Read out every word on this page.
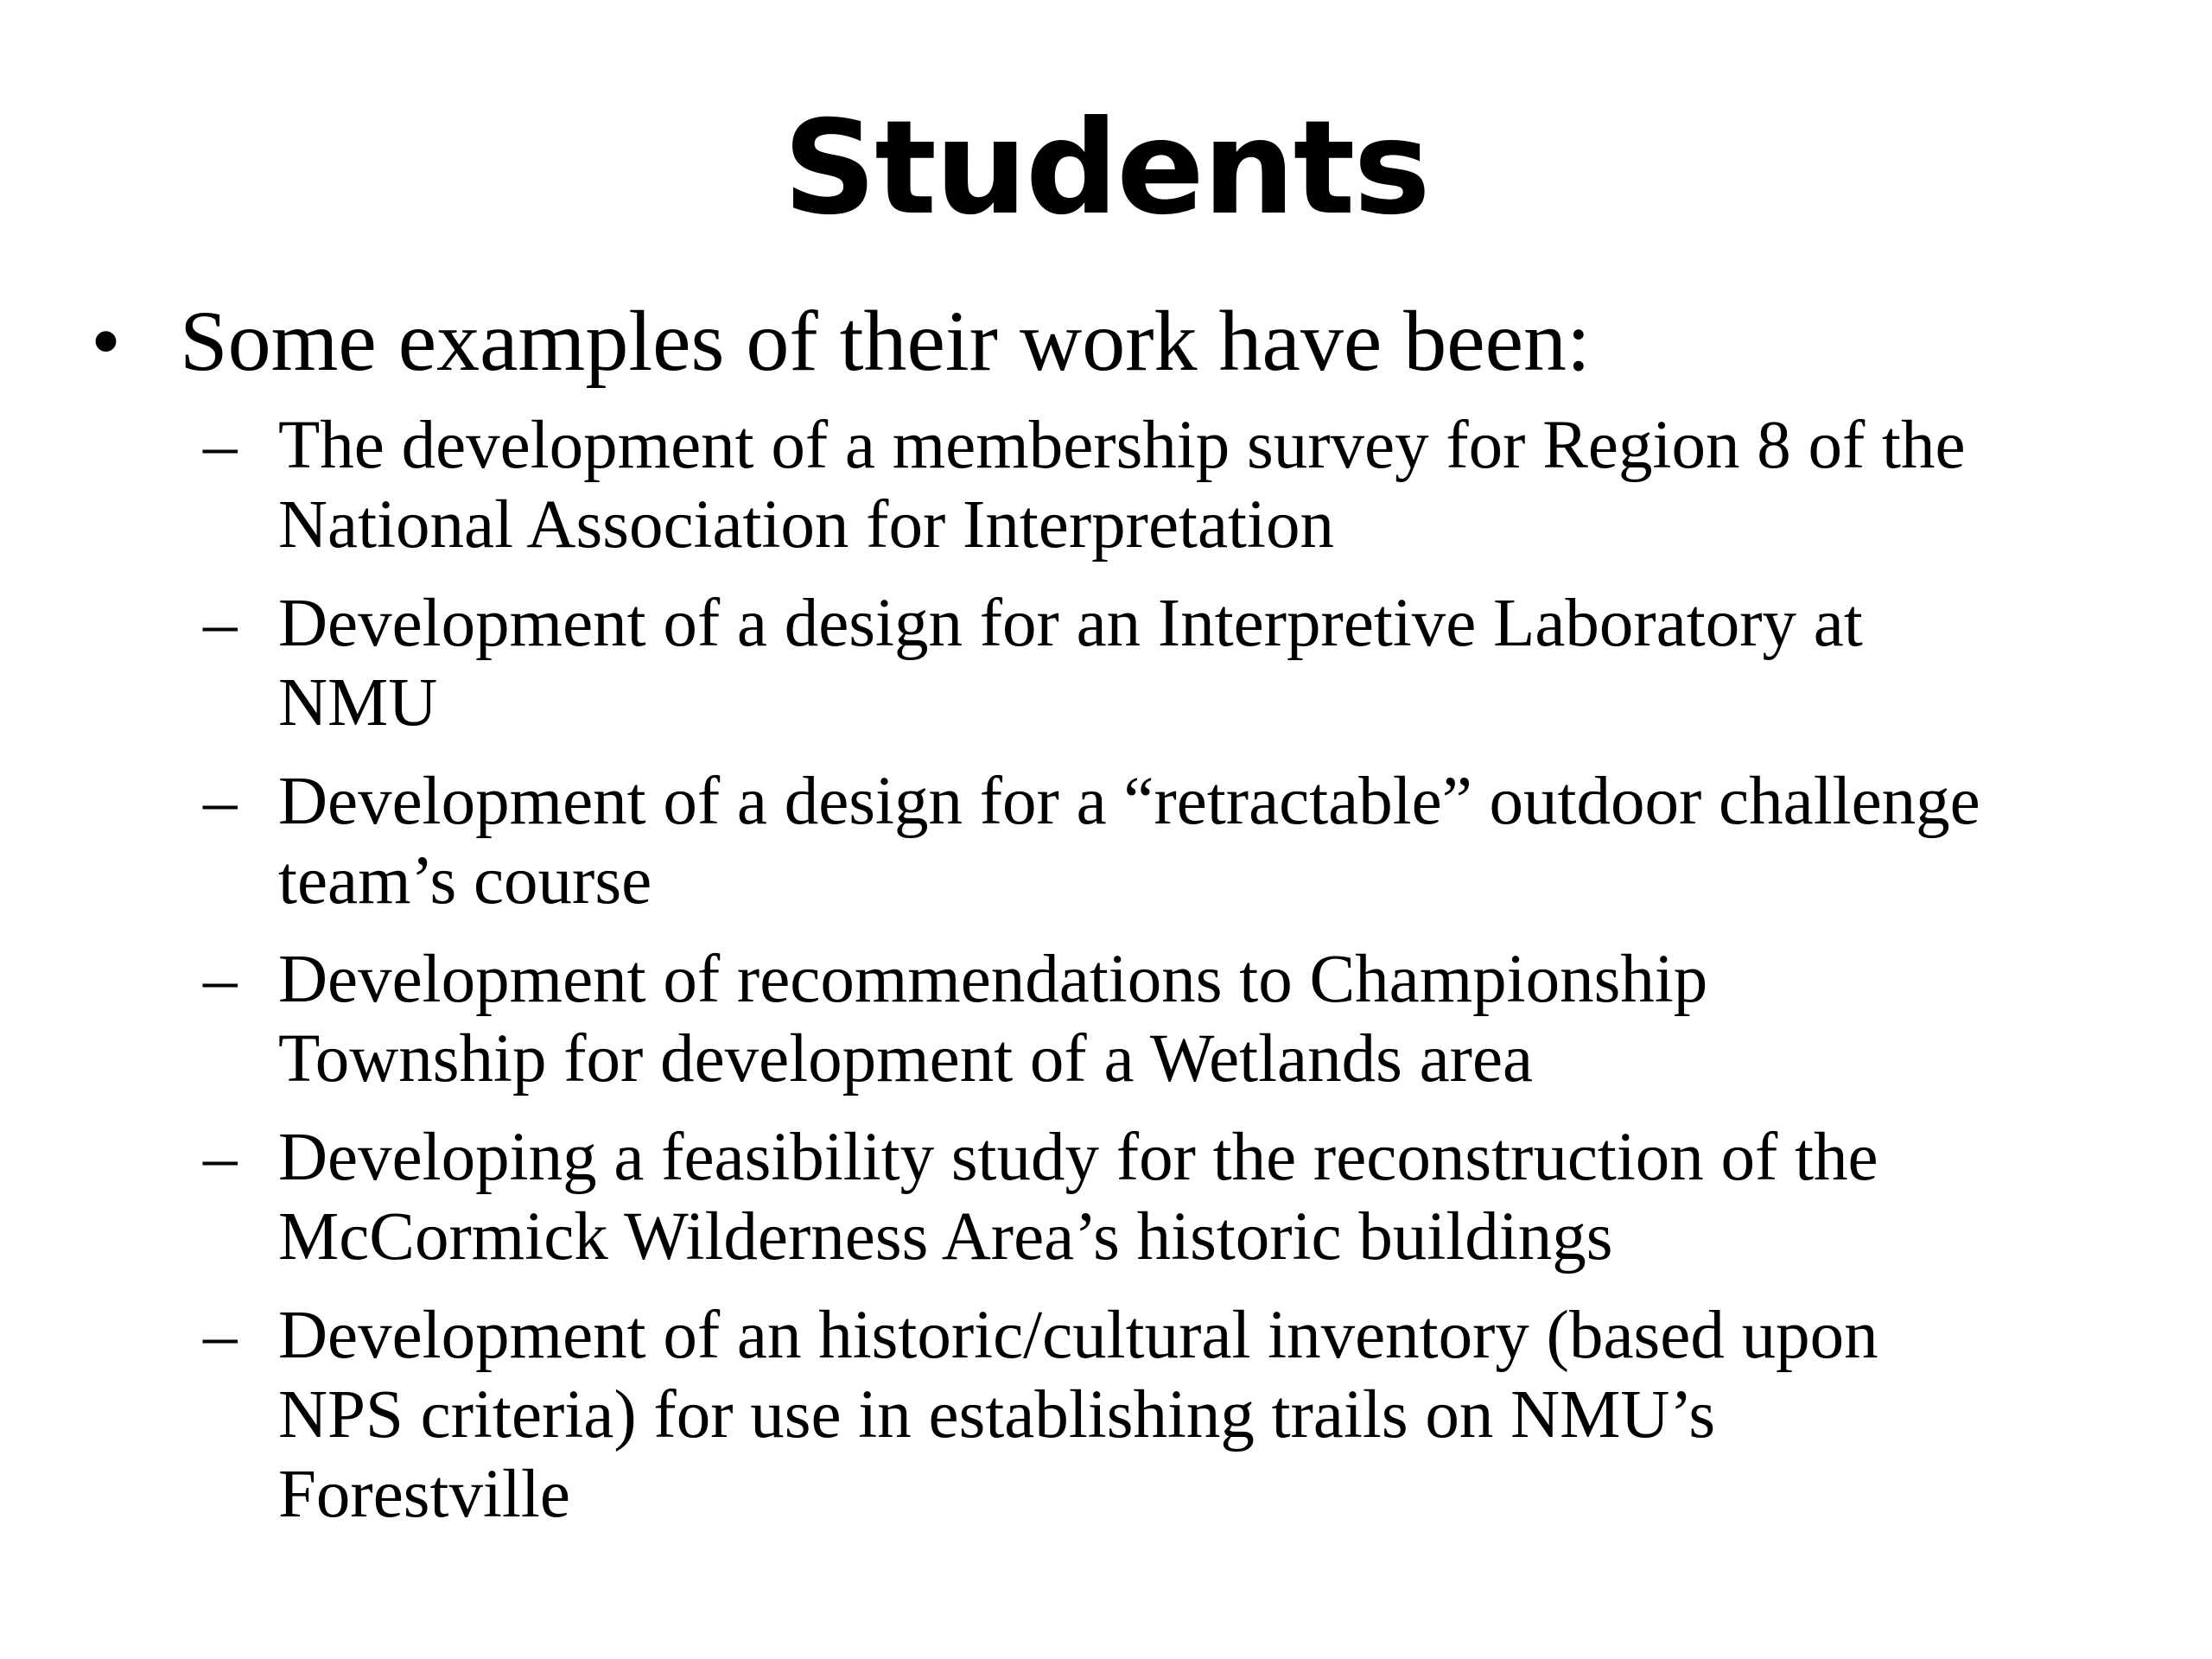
Students
• Some examples of their work have been:
– The development of a membership survey for Region 8 of the
National Association for Interpretation
– Development of a design for an Interpretive Laboratory at
NMU
– Development of a design for a “retractable” outdoor challenge
team’s course
– Development of recommendations to Championship
Township for development of a Wetlands area
– Developing a feasibility study for the reconstruction of the
McCormick Wilderness Area’s historic buildings
– Development of an historic/cultural inventory (based upon
NPS criteria) for use in establishing trails on NMU’s
Forestville
